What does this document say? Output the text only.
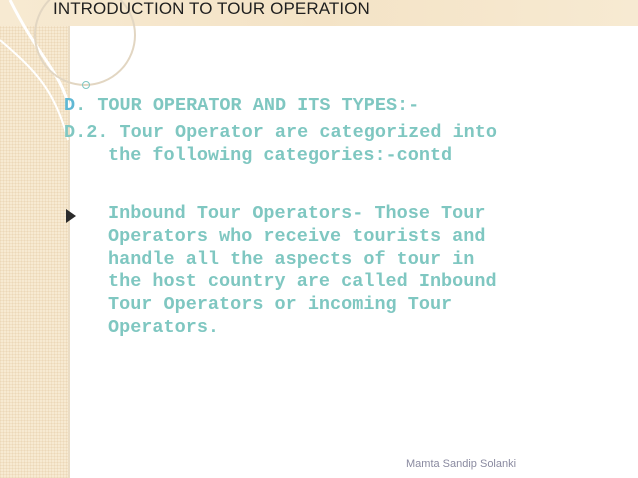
INTRODUCTION TO TOUR OPERATION
D. TOUR OPERATOR AND ITS TYPES:-
D.2. Tour Operator are categorized into
the following categories:-contd
Inbound Tour Operators- Those Tour
Operators who receive tourists and
handle all the aspects of tour in
the host country are called Inbound
Tour Operators or incoming Tour
Operators.
Mamta Sandip Solanki
